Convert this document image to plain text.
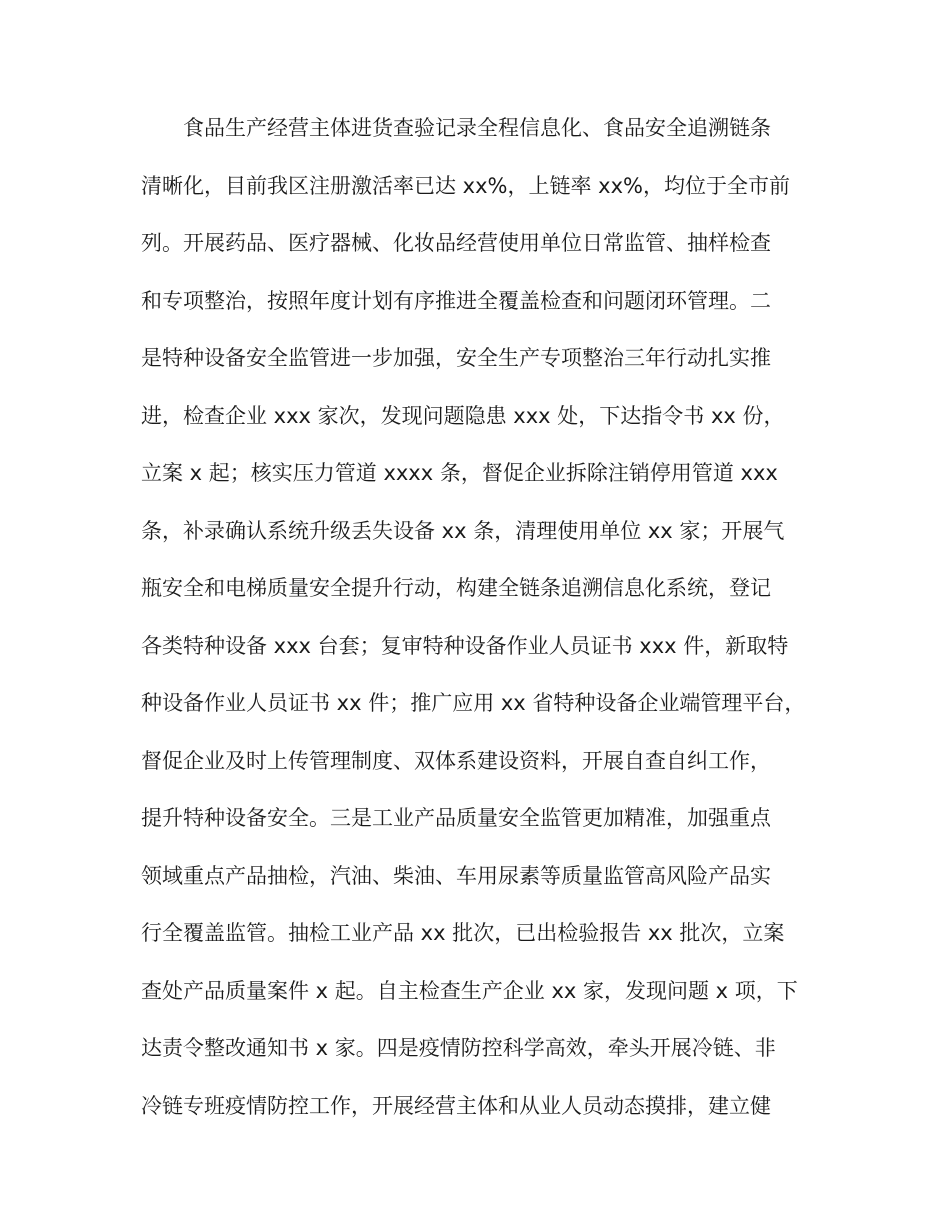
食品生产经营主体进货查验记录全程信息化、食品安全追溯链条
清晰化，目前我区注册激活率已达 xx%，上链率 xx%，均位于全市前
列。开展药品、医疗器械、化妆品经营使用单位日常监管、抽样检查
和专项整治，按照年度计划有序推进全覆盖检查和问题闭环管理。二
是特种设备安全监管进一步加强，安全生产专项整治三年行动扎实推
进，检查企业 xxx 家次，发现问题隐患 xxx 处，下达指令书 xx 份，
立案 x 起；核实压力管道 xxxx 条，督促企业拆除注销停用管道 xxx
条，补录确认系统升级丢失设备 xx 条，清理使用单位 xx 家；开展气
瓶安全和电梯质量安全提升行动，构建全链条追溯信息化系统，登记
各类特种设备 xxx 台套；复审特种设备作业人员证书 xxx 件，新取特
种设备作业人员证书 xx 件；推广应用 xx 省特种设备企业端管理平台，
督促企业及时上传管理制度、双体系建设资料，开展自查自纠工作，
提升特种设备安全。三是工业产品质量安全监管更加精准，加强重点
领域重点产品抽检，汽油、柴油、车用尿素等质量监管高风险产品实
行全覆盖监管。抽检工业产品 xx 批次，已出检验报告 xx 批次，立案
查处产品质量案件 x 起。自主检查生产企业 xx 家，发现问题 x 项，下
达责令整改通知书 x 家。四是疫情防控科学高效，牵头开展冷链、非
冷链专班疫情防控工作，开展经营主体和从业人员动态摸排，建立健
